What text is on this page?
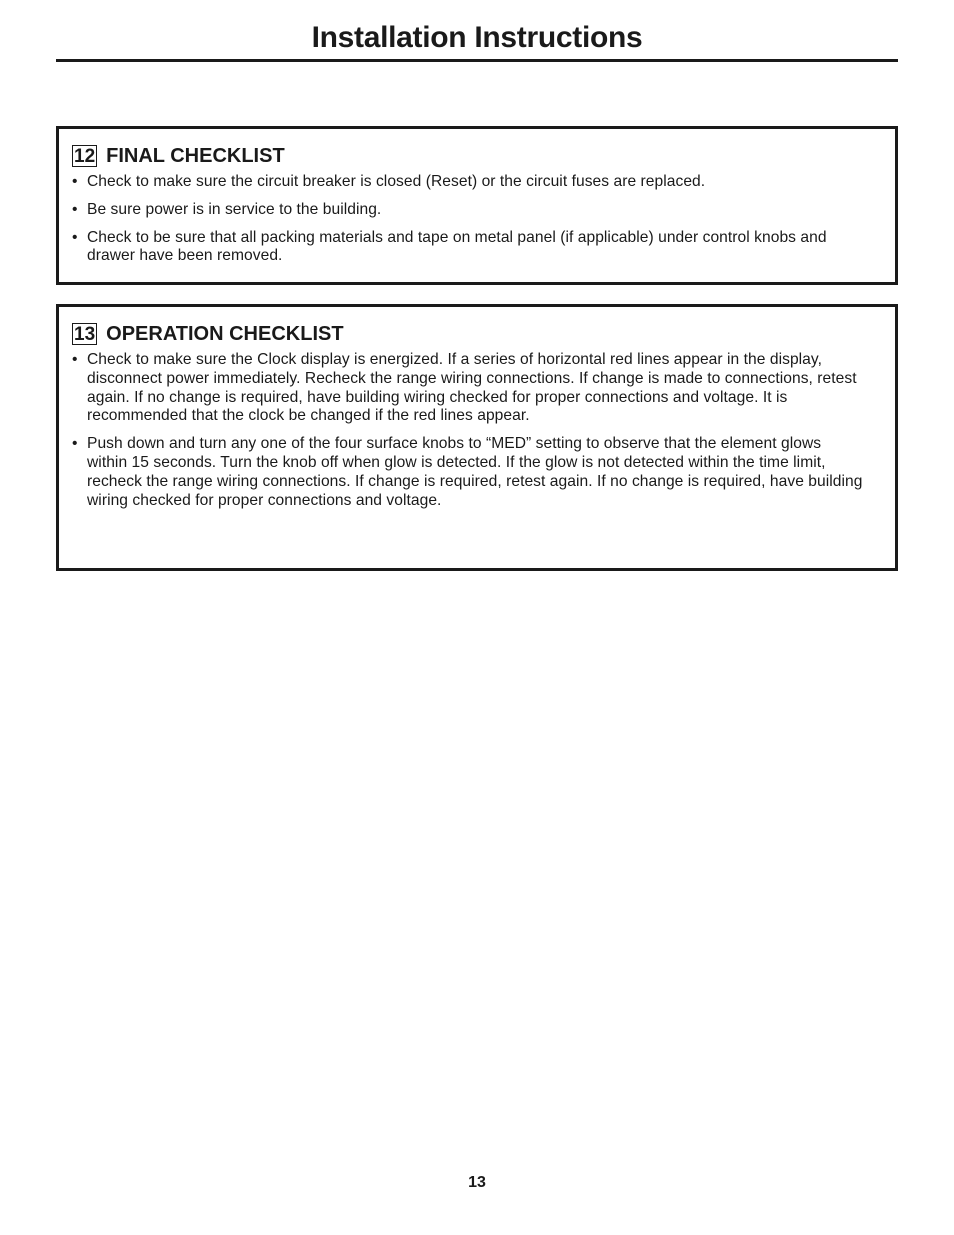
Installation Instructions
12 FINAL CHECKLIST
• Check to make sure the circuit breaker is closed (Reset) or the circuit fuses are replaced.
• Be sure power is in service to the building.
• Check to be sure that all packing materials and tape on metal panel (if applicable) under control knobs and drawer have been removed.
13 OPERATION CHECKLIST
• Check to make sure the Clock display is energized. If a series of horizontal red lines appear in the display, disconnect power immediately. Recheck the range wiring connections. If change is made to connections, retest again. If no change is required, have building wiring checked for proper connections and voltage. It is recommended that the clock be changed if the red lines appear.
• Push down and turn any one of the four surface knobs to “MED” setting to observe that the element glows within 15 seconds. Turn the knob off when glow is detected. If the glow is not detected within the time limit, recheck the range wiring connections. If change is required, retest again. If no change is required, have building wiring checked for proper connections and voltage.
13
